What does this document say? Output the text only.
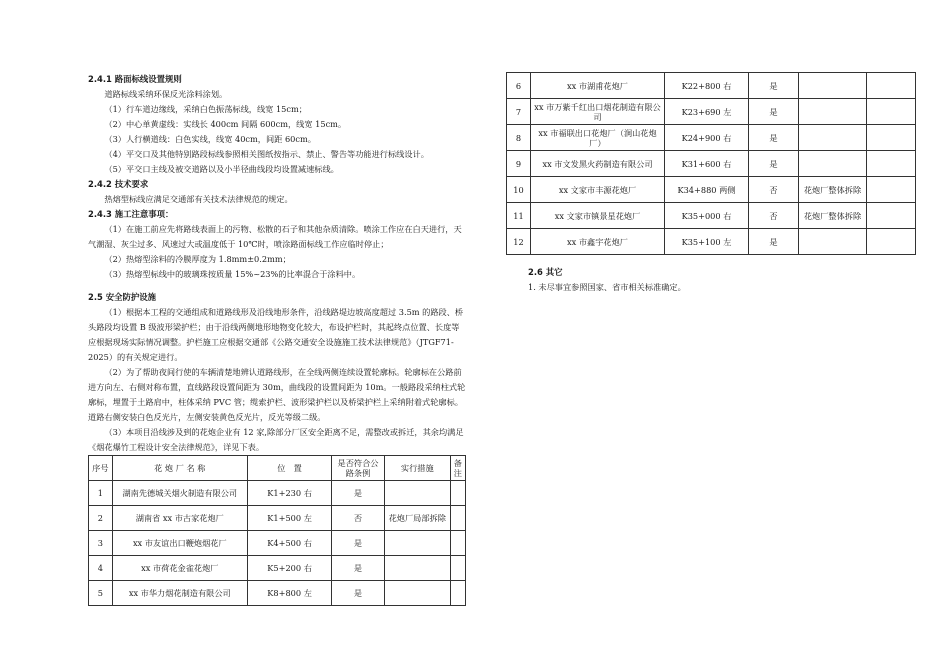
2.4.1 路面标线设置规则

道路标线采纳环保反光涂料涂划。

（1）行车道边缘线，采纳白色振荡标线，线宽 15cm；

（2）中心单黄虚线：实线长 400cm 间隔 600cm，线宽 15cm。

（3）人行横道线：白色实线，线宽 40cm，间距 60cm。

（4）平交口及其他特别路段标线参照相关图纸按指示、禁止、警告等功能进行标线设计。

（5）平交口主线及被交道路以及小半径曲线段均设置减速标线。

2.4.2 技术要求

热熔型标线应满足交通部有关技术法律规范的规定。

2.4.3 施工注意事项：

（1）在施工前应先将路线表面上的污物、松散的石子和其他杂质清除。喷涂工作应在白天进行，天气潮湿、灰尘过多、风速过大或温度低于 10℃时，喷涂路面标线工作应临时停止；

（2）热熔型涂料的冷膜厚度为 1.8mm±0.2mm；

（3）热熔型标线中的玻璃珠按质量 15%~23%的比率混合于涂料中。

2.5 安全防护设施

（1）根据本工程的交通组成和道路线形及沿线地形条件，沿线路堤边坡高度超过 3.5m 的路段、桥头路段均设置 B 级波形梁护栏；由于沿线两侧地形地物变化较大，布设护栏时，其起终点位置、长度等应根据现场实际情况调整。护栏施工应根据交通部《公路交通安全设施施工技术法律规范》（JTGF71-2025）的有关规定进行。

（2）为了帮助夜间行使的车辆清楚地辨认道路线形，在全线两侧连续设置轮廓标。轮廓标在公路前进方向左、右侧对称布置，直线路段设置间距为 30m，曲线段的设置间距为 10m。一般路段采纳柱式轮廓标，埋置于土路肩中，柱体采纳 PVC 管；缆索护栏、波形梁护栏以及桥梁护栏上采纳附着式轮廓标。道路右侧安装白色反光片，左侧安装黄色反光片，反光等级二级。

（3）本项目沿线涉及到的花炮企业有 12 家,除部分厂区安全距离不足，需整改或拆迁，其余均满足《烟花爆竹工程设计安全法律规范》，详见下表。

序号	花 炮 厂 名 称	位　置	是否符合公路条例	实行措施	备注
1	湖南先德城关烟火制造有限公司	K1+230 右	是		
2	湖南省 xx 市古家花炮厂	K1+500 左	否	花炮厂局部拆除	
3	xx 市友谊出口鞭炮烟花厂	K4+500 右	是		
4	xx 市荷花金雀花炮厂	K5+200 右	是		
5	xx 市华力烟花制造有限公司	K8+800 左	是		
6	xx 市湖甫花炮厂	K22+800 右	是		
7	xx 市万紫千红出口烟花制造有限公司	K23+690 左	是		
8	xx 市福联出口花炮厂（涧山花炮厂）	K24+900 右	是		
9	xx 市文发黑火药制造有限公司	K31+600 右	是		
10	xx 文家市丰源花炮厂	K34+880 两侧	否	花炮厂整体拆除	
11	xx 文家市镇景星花炮厂	K35+000 右	否	花炮厂整体拆除	
12	xx 市鑫宇花炮厂	K35+100 左	是		
2.6 其它

1. 未尽事宜参照国家、省市相关标准确定。
